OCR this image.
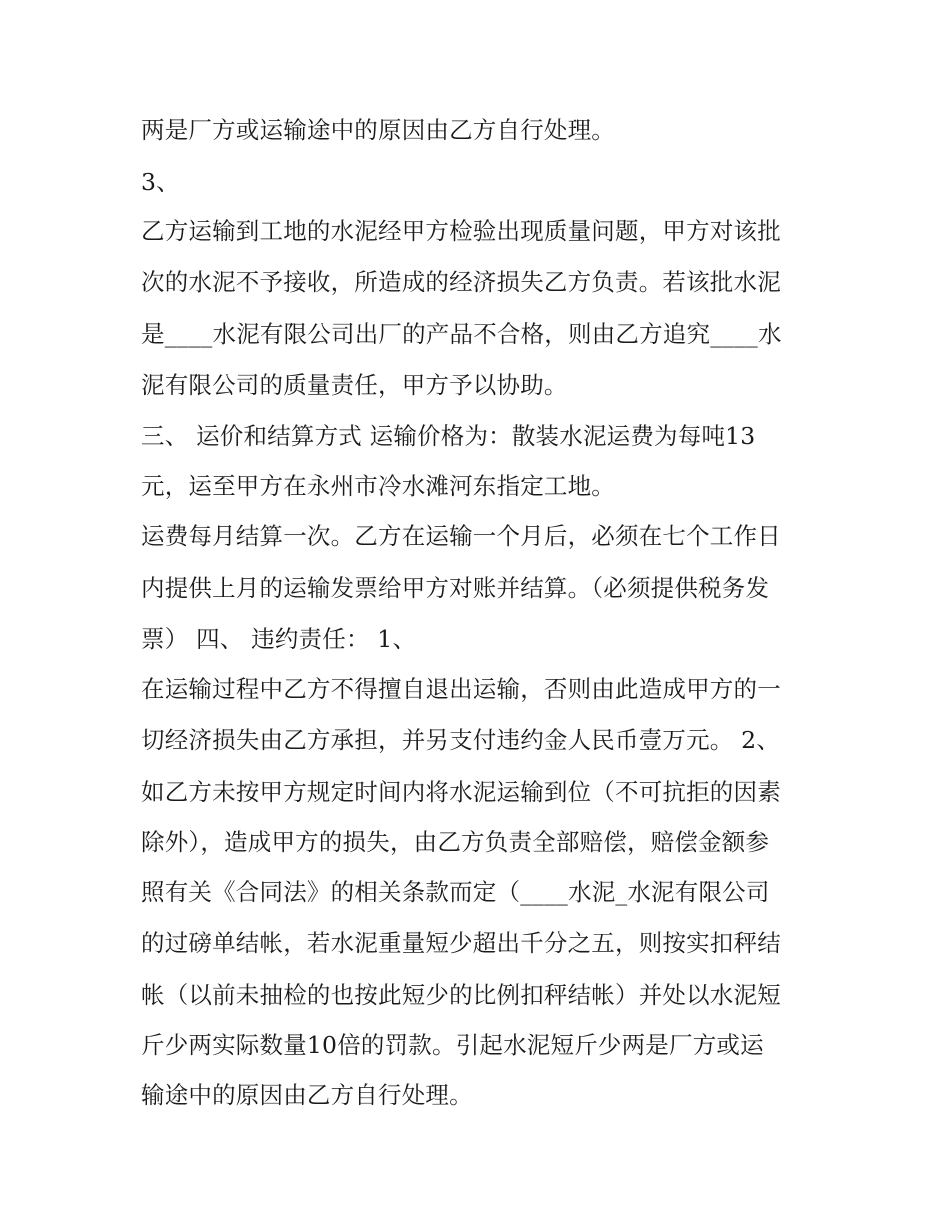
两是厂方或运输途中的原因由乙方自行处理。
3、
乙方运输到工地的水泥经甲方检验出现质量问题，甲方对该批
次的水泥不予接收，所造成的经济损失乙方负责。若该批水泥
是____水泥有限公司出厂的产品不合格，则由乙方追究____水
泥有限公司的质量责任，甲方予以协助。
三、 运价和结算方式 运输价格为：散装水泥运费为每吨13
元，运至甲方在永州市冷水滩河东指定工地。
运费每月结算一次。乙方在运输一个月后，必须在七个工作日
内提供上月的运输发票给甲方对账并结算。（必须提供税务发
票） 四、 违约责任： 1、
在运输过程中乙方不得擅自退出运输，否则由此造成甲方的一
切经济损失由乙方承担，并另支付违约金人民币壹万元。 2、
如乙方未按甲方规定时间内将水泥运输到位（不可抗拒的因素
除外），造成甲方的损失，由乙方负责全部赔偿，赔偿金额参
照有关《合同法》的相关条款而定（____水泥_水泥有限公司
的过磅单结帐，若水泥重量短少超出千分之五，则按实扣秤结
帐（以前未抽检的也按此短少的比例扣秤结帐）并处以水泥短
斤少两实际数量10倍的罚款。引起水泥短斤少两是厂方或运
输途中的原因由乙方自行处理。
